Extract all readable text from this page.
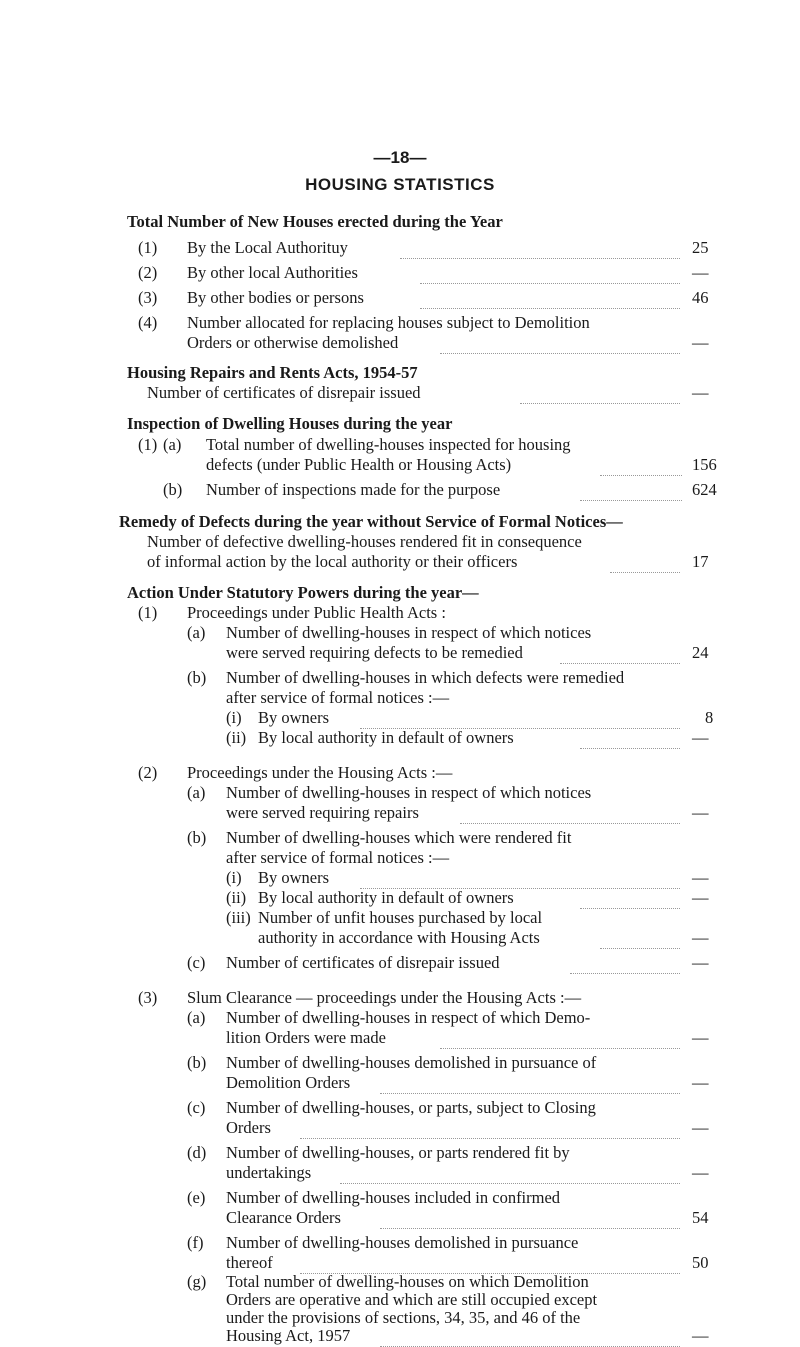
—18—
HOUSING STATISTICS
Total Number of New Houses erected during the Year
(1) By the Local Authorituy	25
(2) By other local Authorities	—
(3) By other bodies or persons	46
(4) Number allocated for replacing houses subject to Demolition
Orders or otherwise demolished	—
Housing Repairs and Rents Acts, 1954-57
Number of certificates of disrepair issued	—
Inspection of Dwelling Houses during the year
(1) (a) Total number of dwelling-houses inspected for housing
defects (under Public Health or Housing Acts)	156
(b) Number of inspections made for the purpose	624
Remedy of Defects during the year without Service of Formal Notices—
Number of defective dwelling-houses rendered fit in consequence
of informal action by the local authority or their officers	17
Action Under Statutory Powers during the year—
(1) Proceedings under Public Health Acts :
(a) Number of dwelling-houses in respect of which notices
were served requiring defects to be remedied	24
(b) Number of dwelling-houses in which defects were remedied
after service of formal notices :—
(i) By owners	8
(ii) By local authority in default of owners	—
(2) Proceedings under the Housing Acts :—
(a) Number of dwelling-houses in respect of which notices
were served requiring repairs	—
(b) Number of dwelling-houses which were rendered fit
after service of formal notices :—
(i) By owners	—
(ii) By local authority in default of owners	—
(iii) Number of unfit houses purchased by local
authority in accordance with Housing Acts	—
(c) Number of certificates of disrepair issued	—
(3) Slum Clearance — proceedings under the Housing Acts :—
(a) Number of dwelling-houses in respect of which Demo-
lition Orders were made	—
(b) Number of dwelling-houses demolished in pursuance of
Demolition Orders	—
(c) Number of dwelling-houses, or parts, subject to Closing
Orders	—
(d) Number of dwelling-houses, or parts rendered fit by
undertakings	—
(e) Number of dwelling-houses included in confirmed
Clearance Orders	54
(f) Number of dwelling-houses demolished in pursuance
thereof	50
(g) Total number of dwelling-houses on which Demolition
Orders are operative and which are still occupied except
under the provisions of sections, 34, 35, and 46 of the
Housing Act, 1957	—
